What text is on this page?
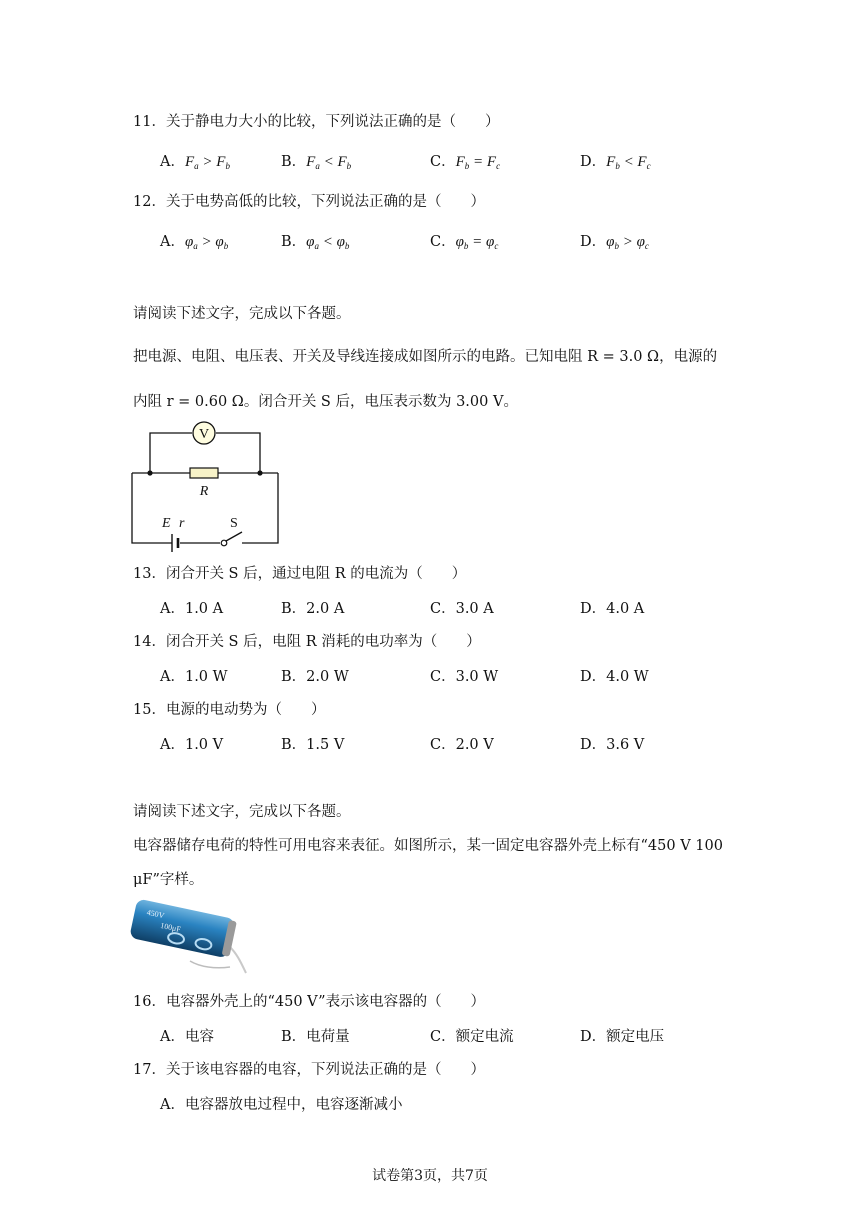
11．关于静电力大小的比较，下列说法正确的是（　　）
A．$F_a > F_b$	B．$F_a < F_b$	C．$F_b = F_c$	D．$F_b < F_c$
12．关于电势高低的比较，下列说法正确的是（　　）
A．$\varphi_a > \varphi_b$	B．$\varphi_a < \varphi_b$	C．$\varphi_b = \varphi_c$	D．$\varphi_b > \varphi_c$
请阅读下述文字，完成以下各题。
把电源、电阻、电压表、开关及导线连接成如图所示的电路。已知电阻 R = 3.0 Ω，电源的
内阻 r = 0.60 Ω。闭合开关 S 后，电压表示数为 3.00 V。
V
R
E r	S
13．闭合开关 S 后，通过电阻 R 的电流为（　　）
A．1.0 A	B．2.0 A	C．3.0 A	D．4.0 A
14．闭合开关 S 后，电阻 R 消耗的电功率为（　　）
A．1.0 W	B．2.0 W	C．3.0 W	D．4.0 W
15．电源的电动势为（　　）
A．1.0 V	B．1.5 V	C．2.0 V	D．3.6 V
请阅读下述文字，完成以下各题。
电容器储存电荷的特性可用电容来表征。如图所示，某一固定电容器外壳上标有“450 V 100
μF”字样。
450V
100μF
16．电容器外壳上的“450 V”表示该电容器的（　　）
A．电容	B．电荷量	C．额定电流	D．额定电压
17．关于该电容器的电容，下列说法正确的是（　　）
A．电容器放电过程中，电容逐渐减小
试卷第3页，共7页
